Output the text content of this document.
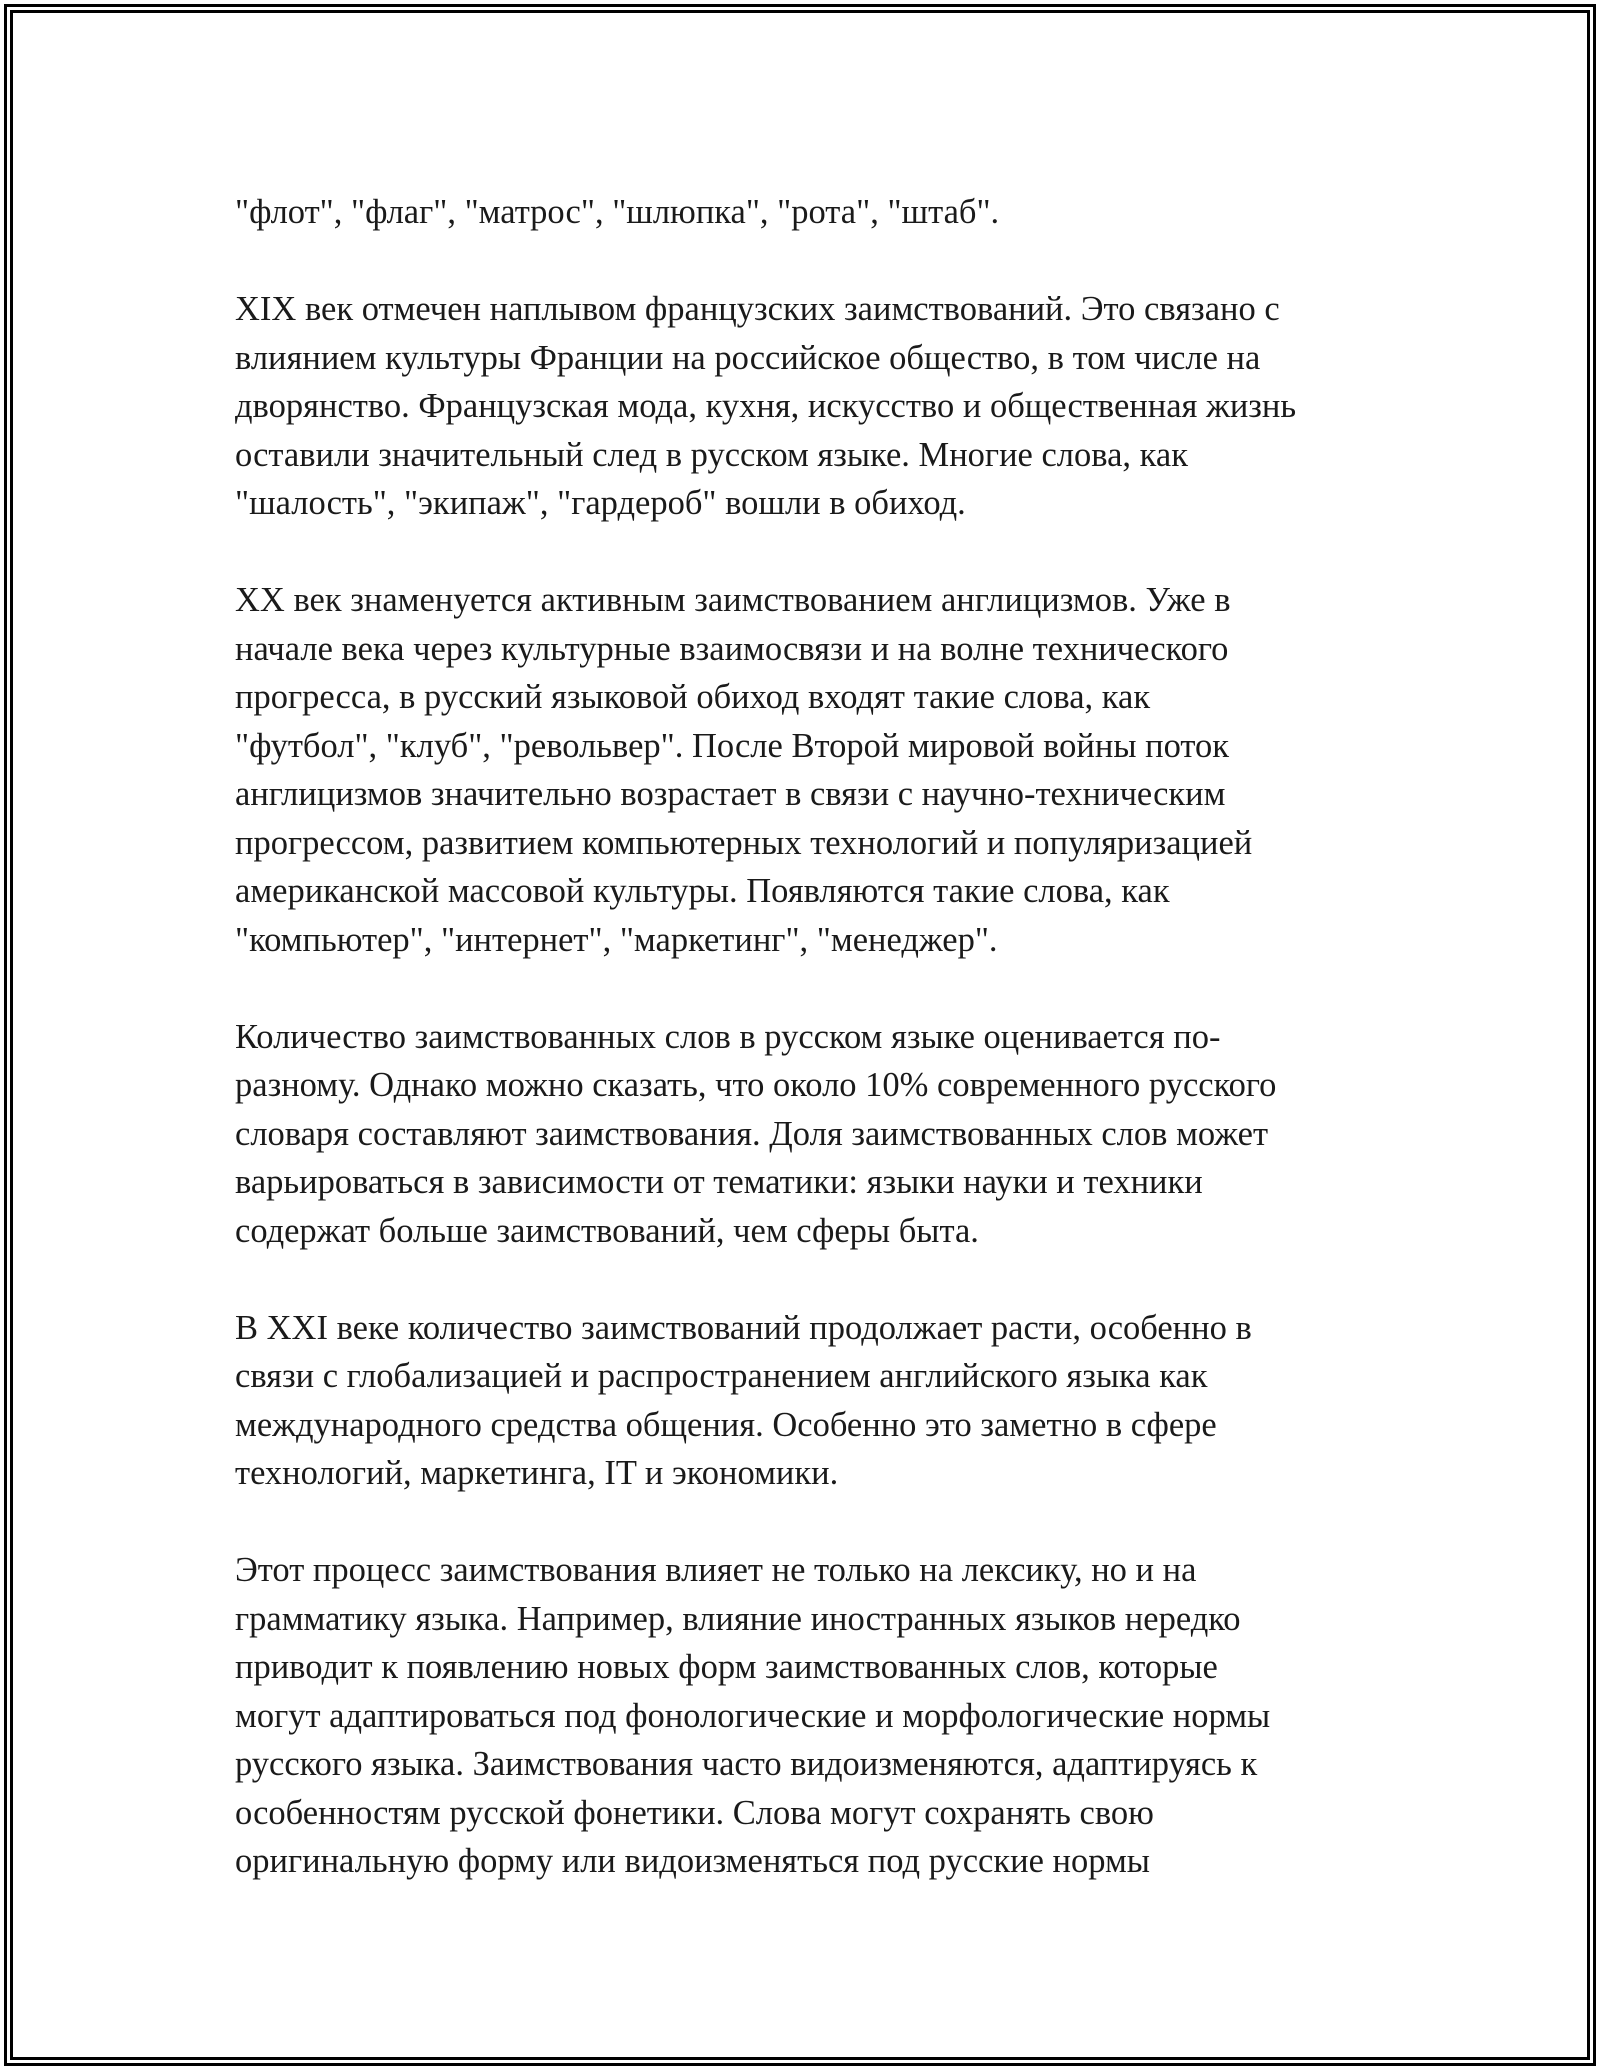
"флот", "флаг", "матрос", "шлюпка", "рота", "штаб".

XIX век отмечен наплывом французских заимствований. Это связано с
влиянием культуры Франции на российское общество, в том числе на
дворянство. Французская мода, кухня, искусство и общественная жизнь
оставили значительный след в русском языке. Многие слова, как
"шалость", "экипаж", "гардероб" вошли в обиход.

XX век знаменуется активным заимствованием англицизмов. Уже в
начале века через культурные взаимосвязи и на волне технического
прогресса, в русский языковой обиход входят такие слова, как
"футбол", "клуб", "револьвер". После Второй мировой войны поток
англицизмов значительно возрастает в связи с научно-техническим
прогрессом, развитием компьютерных технологий и популяризацией
американской массовой культуры. Появляются такие слова, как
"компьютер", "интернет", "маркетинг", "менеджер".

Количество заимствованных слов в русском языке оценивается по-
разному. Однако можно сказать, что около 10% современного русского
словаря составляют заимствования. Доля заимствованных слов может
варьироваться в зависимости от тематики: языки науки и техники
содержат больше заимствований, чем сферы быта.

В XXI веке количество заимствований продолжает расти, особенно в
связи с глобализацией и распространением английского языка как
международного средства общения. Особенно это заметно в сфере
технологий, маркетинга, IT и экономики.

Этот процесс заимствования влияет не только на лексику, но и на
грамматику языка. Например, влияние иностранных языков нередко
приводит к появлению новых форм заимствованных слов, которые
могут адаптироваться под фонологические и морфологические нормы
русского языка. Заимствования часто видоизменяются, адаптируясь к
особенностям русской фонетики. Слова могут сохранять свою
оригинальную форму или видоизменяться под русские нормы
